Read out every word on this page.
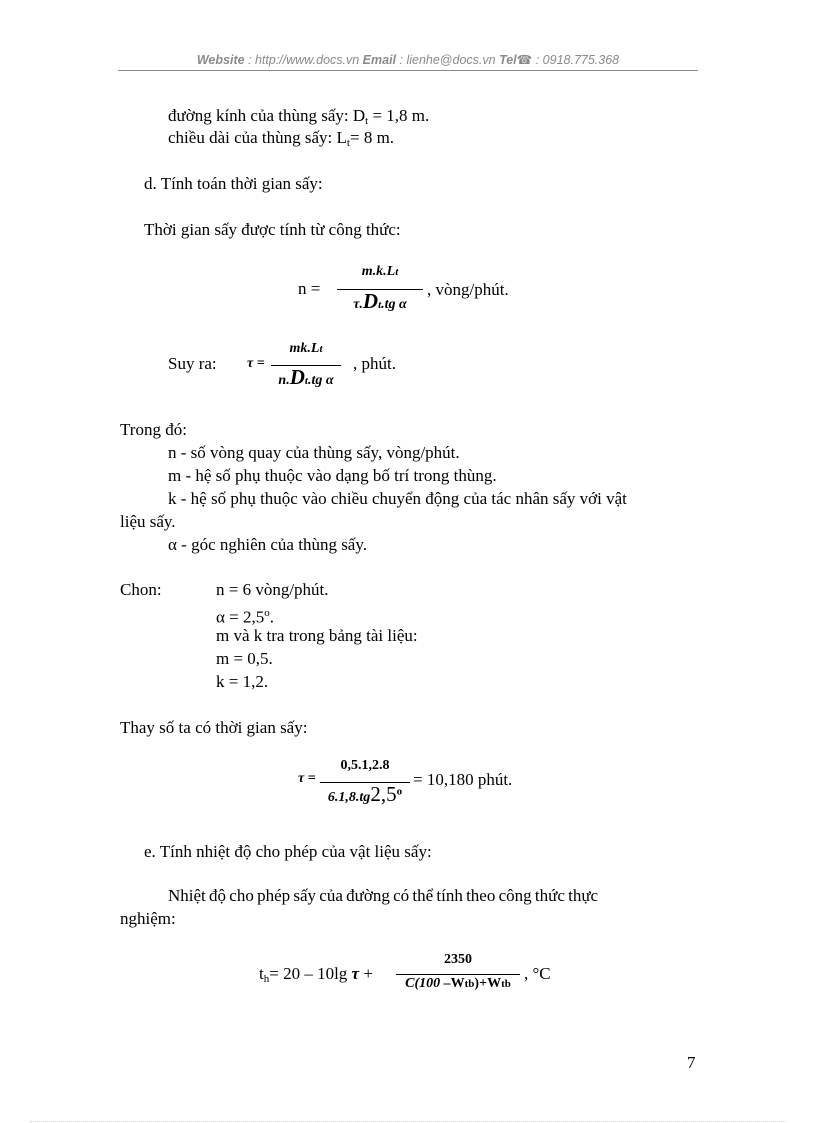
Website : http://www.docs.vn Email : lienhe@docs.vn Tel☎ : 0918.775.368
đường kính của thùng sấy: $D_t = 1,8$ m.
chiều dài của thùng sấy: $L_t= 8$ m.
d. Tính toán thời gian sấy:
Thời gian sấy được tính từ công thức:
n =
m.k.Lt
τ.Dt.tg α
, vòng/phút.
Suy ra: τ =
mk.Lt
n.Dt.tg α
, phút.
Trong đó:
n - số vòng quay của thùng sấy, vòng/phút.
m - hệ số phụ thuộc vào dạng bố trí trong thùng.
k - hệ số phụ thuộc vào chiều chuyển động của tác nhân sấy với vật
liệu sấy.
α - góc nghiên của thùng sấy.
Chon:	n = 6 vòng/phút.
$\alpha = 2,5^o$.
m và k tra trong bảng tài liệu:
m = 0,5.
k = 1,2.
Thay số ta có thời gian sấy:
τ =
0,5.1,2.8
$6.1,8.tg2,5^o$
= 10,180 phút.
e. Tính nhiệt độ cho phép của vật liệu sấy:
Nhiệt độ cho phép sấy của đường có thể tính theo công thức thực
nghiệm:
$t_h= 20 - 10\lg$ τ +
2350
C(100 –Wtb)+Wtb
, °C
7
